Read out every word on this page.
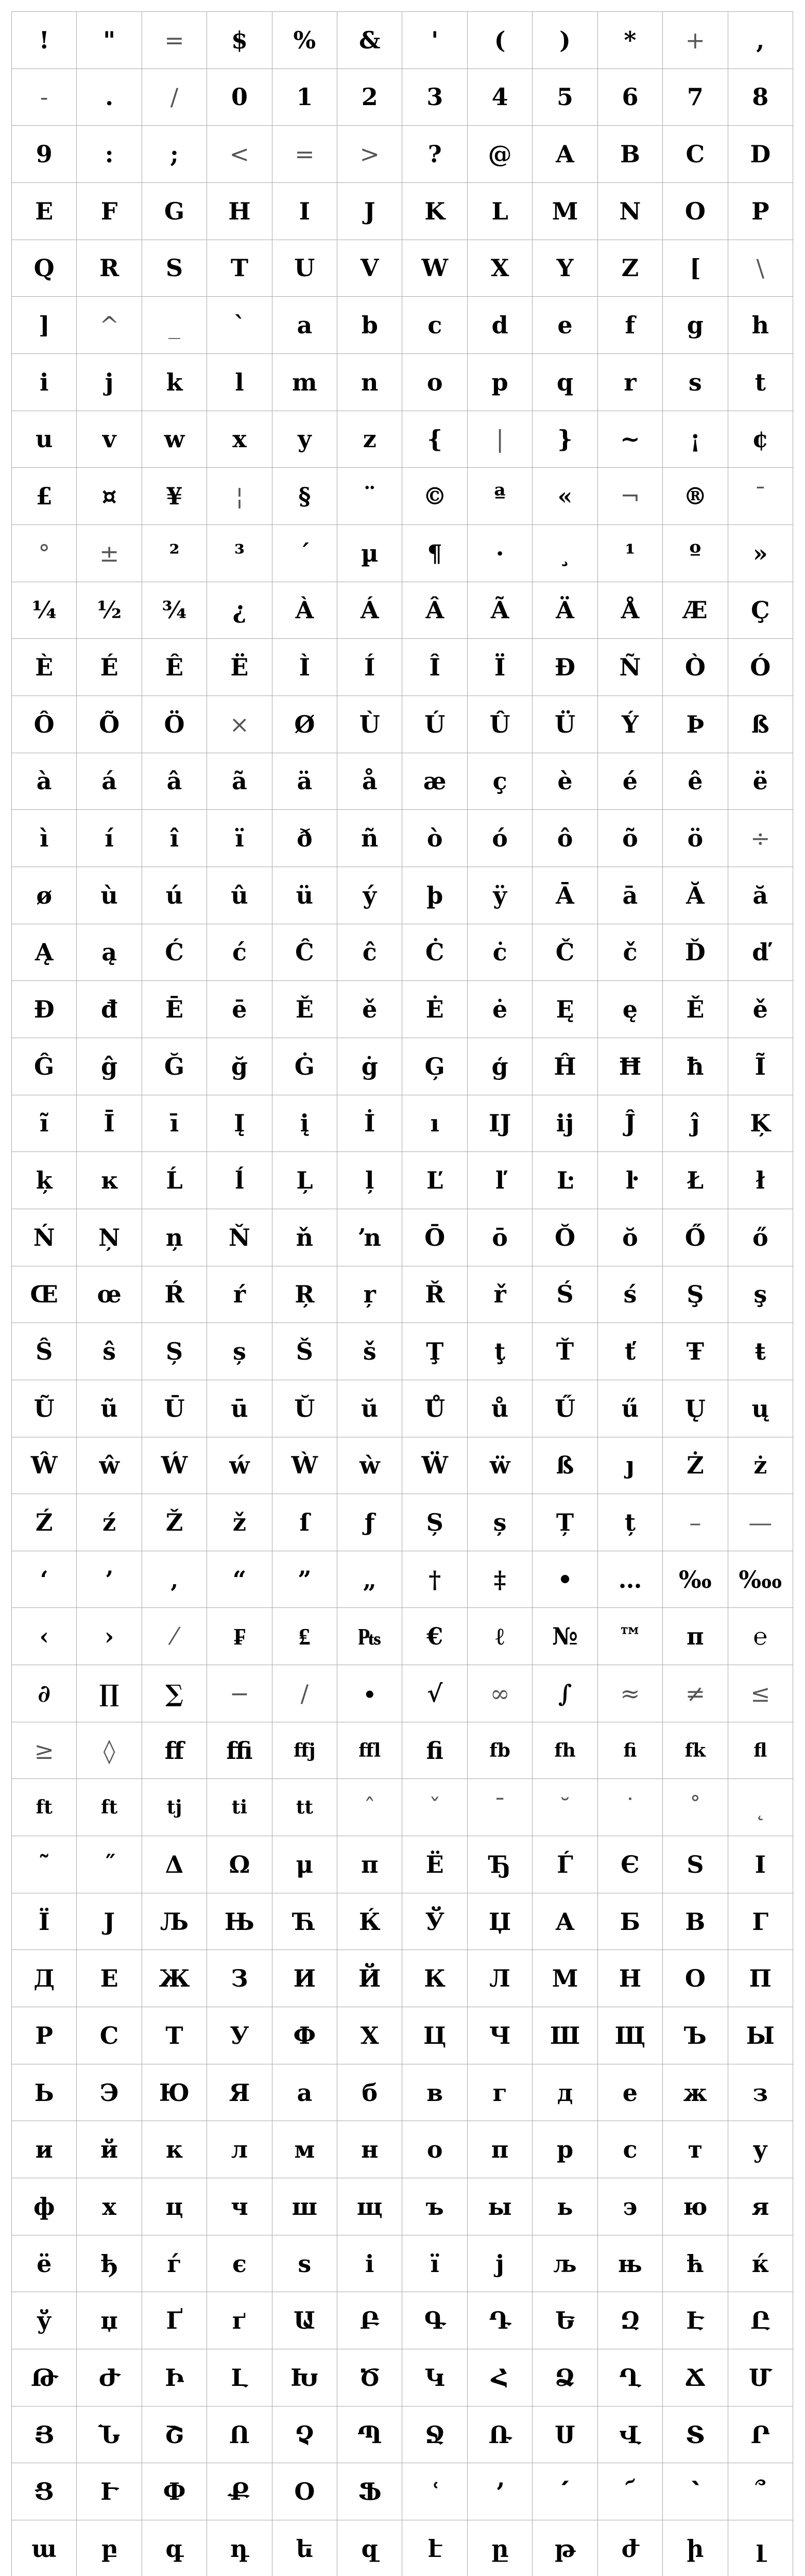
!	"	=	$	%	&	'	(	)	*	+	,
-	.	/	0	1	2	3	4	5	6	7	8
9	:	;	<	=	>	?	@	A	B	C	D
E	F	G	H	I	J	K	L	M	N	O	P
Q	R	S	T	U	V	W	X	Y	Z	[	\
]	^	_	`	a	b	c	d	e	f	g	h
i	j	k	l	m	n	o	p	q	r	s	t
u	v	w	x	y	z	{	|	}	~	¡	¢
£	¤	¥	¦	§	¨	©	ª	«	¬	®	¯
°	±	²	³	´	µ	¶	·	¸	¹	º	»
¼	½	¾	¿	À	Á	Â	Ã	Ä	Å	Æ	Ç
È	É	Ê	Ë	Ì	Í	Î	Ï	Ð	Ñ	Ò	Ó
Ô	Õ	Ö	×	Ø	Ù	Ú	Û	Ü	Ý	Þ	ß
à	á	â	ã	ä	å	æ	ç	è	é	ê	ë
ì	í	î	ï	ð	ñ	ò	ó	ô	õ	ö	÷
ø	ù	ú	û	ü	ý	þ	ÿ	Ā	ā	Ă	ă
Ą	ą	Ć	ć	Ĉ	ĉ	Ċ	ċ	Č	č	Ď	ď
Đ	đ	Ē	ē	Ě	ě	Ė	ė	Ę	ę	Ě	ě
Ĝ	ĝ	Ğ	ğ	Ġ	ġ	Ģ	ģ	Ĥ	Ħ	ħ	Ĩ
ĩ	Ī	ī	Į	į	İ	ı	Ĳ	ĳ	Ĵ	ĵ	Ķ
ķ	ĸ	Ĺ	ĺ	Ļ	ļ	Ľ	ľ	Ŀ	ŀ	Ł	ł
Ń	Ņ	ņ	Ň	ň	ŉ	Ō	ō	Ŏ	ŏ	Ő	ő
Œ	œ	Ŕ	ŕ	Ŗ	ŗ	Ř	ř	Ś	ś	Ş	ş
Ŝ	ŝ	Ș	ș	Š	š	Ţ	ţ	Ť	ť	Ŧ	ŧ
Ũ	ũ	Ū	ū	Ŭ	ŭ	Ů	ů	Ű	ű	Ų	ų
Ŵ	ŵ	Ẃ	ẃ	Ẁ	ẁ	Ẅ	ẅ	ß	ȷ	Ż	ż
Ź	ź	Ž	ž	ſ	ƒ	Ș	ș	Ț	ț	–	—
‘	’	‚	“	”	„	†	‡	•	…	‰	‱
‹	›	⁄	₣	₤	₧	€	ℓ	№	™	π	℮
∂	∏	∑	−	∕	∙	√	∞	∫	≈	≠	≤
≥	◊	ﬀ	ﬃ	ﬀj	ﬀl	ﬁ	fb	fh	fi	fk	fl
ft	ft	tj	ti	tt	ˆ	ˇ	¯	˘	˙	˚	˛
˜	˝	Δ	Ω	μ	π	Ё	Ђ	Ѓ	Є	Ѕ	І
Ї	Ј	Љ	Њ	Ћ	Ќ	Ў	Џ	А	Б	В	Г
Д	Е	Ж	З	И	Й	К	Л	М	Н	О	П
Р	С	Т	У	Ф	Х	Ц	Ч	Ш	Щ	Ъ	Ы
Ь	Э	Ю	Я	а	б	в	г	д	е	ж	з
и	й	к	л	м	н	о	п	р	с	т	у
ф	х	ц	ч	ш	щ	ъ	ы	ь	э	ю	я
ё	ђ	ѓ	є	ѕ	і	ї	ј	љ	њ	ћ	ќ
ў	џ	Ґ	ґ	Ա	Բ	Գ	Դ	Ե	Զ	Է	Ը
Թ	Ժ	Ի	Լ	Խ	Ծ	Կ	Հ	Ձ	Ղ	Ճ	Մ
Յ	Ն	Շ	Ո	Չ	Պ	Ջ	Ռ	Ս	Վ	Տ	Ր
Ց	Ւ	Փ	Ք	Օ	Ֆ	ՙ	՚	՛	՜	՝	՞
ա	բ	գ	դ	ե	զ	է	ը	թ	ժ	ի	լ
